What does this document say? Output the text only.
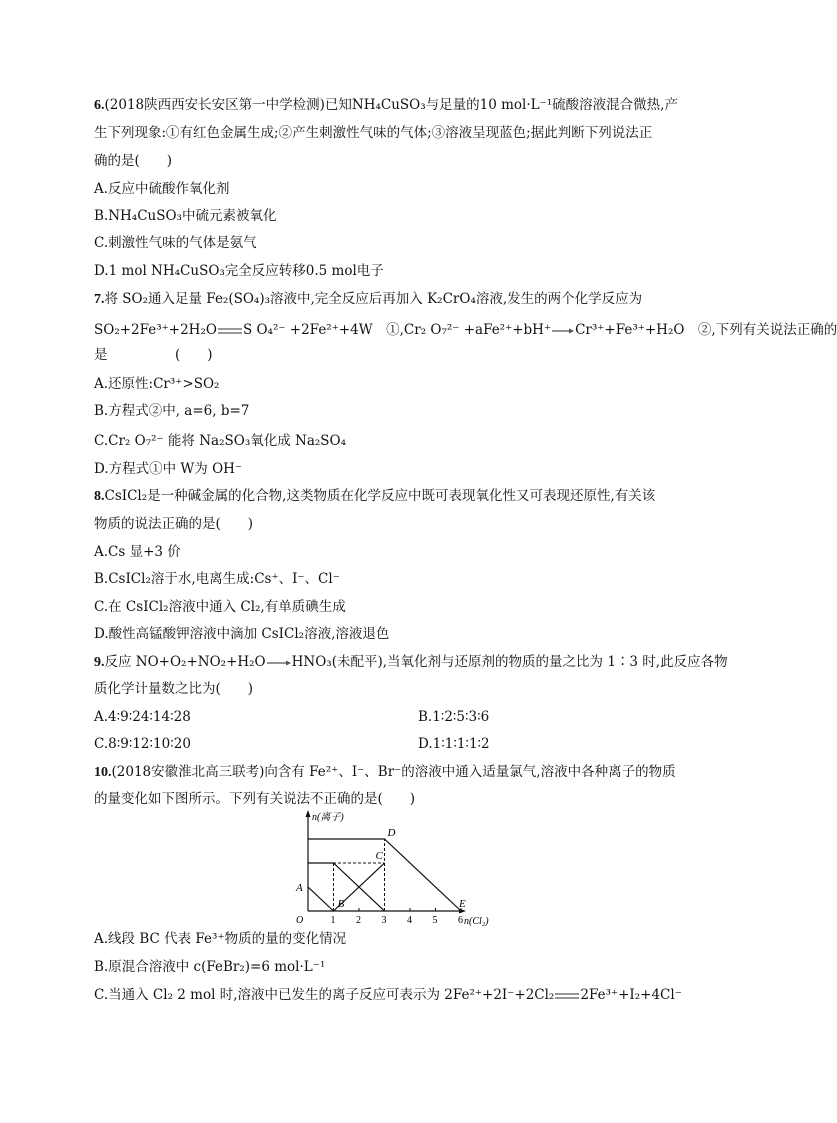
6.(2018陕西西安长安区第一中学检测)已知NH₄CuSO₃与足量的10 mol·L⁻¹硫酸溶液混合微热,产
生下列现象:①有红色金属生成;②产生刺激性气味的气体;③溶液呈现蓝色;据此判断下列说法正
确的是(　　)
A.反应中硫酸作氧化剂
B.NH₄CuSO₃中硫元素被氧化
C.刺激性气味的气体是氨气
D.1 mol NH₄CuSO₃完全反应转移0.5 mol电子
7.将 SO₂通入足量 Fe₂(SO₄)₃溶液中,完全反应后再加入 K₂CrO₄溶液,发生的两个化学反应为
SO₂+2Fe³⁺+2H₂O S O₄²⁻ +2Fe²⁺+4W　①,Cr₂ O₇²⁻ +aFe²⁺+bH⁺ Cr³⁺+Fe³⁺+H₂O　②,下列有关说法正确的
是　　　　　(　　)
A.还原性:Cr³⁺>SO₂
B.方程式②中, a=6, b=7
C.Cr₂ O₇²⁻ 能将 Na₂SO₃氧化成 Na₂SO₄
D.方程式①中 W为 OH⁻
8.CsICl₂是一种碱金属的化合物,这类物质在化学反应中既可表现氧化性又可表现还原性,有关该
物质的说法正确的是(　　)
A.Cs 显+3 价
B.CsICl₂溶于水,电离生成:Cs⁺、I⁻、Cl⁻
C.在 CsICl₂溶液中通入 Cl₂,有单质碘生成
D.酸性高锰酸钾溶液中滴加 CsICl₂溶液,溶液退色
9.反应 NO+O₂+NO₂+H₂O HNO₃(未配平),当氧化剂与还原剂的物质的量之比为 1∶3 时,此反应各物
质化学计量数之比为(　　)
A.4∶9∶24∶14∶28	B.1∶2∶5∶3∶6
C.8∶9∶12∶10∶20	D.1∶1∶1∶1∶2
10.(2018安徽淮北高三联考)向含有 Fe²⁺、I⁻、Br⁻的溶液中通入适量氯气,溶液中各种离子的物质
的量变化如下图所示。下列有关说法不正确的是(　　)
n(离子)
n(Cl₂)
O	1 2 3 4 5 6
A
B
C
D
E
A.线段 BC 代表 Fe³⁺物质的量的变化情况
B.原混合溶液中 c(FeBr₂)=6 mol·L⁻¹
C.当通入 Cl₂ 2 mol 时,溶液中已发生的离子反应可表示为 2Fe²⁺+2I⁻+2Cl₂ 2Fe³⁺+I₂+4Cl⁻
